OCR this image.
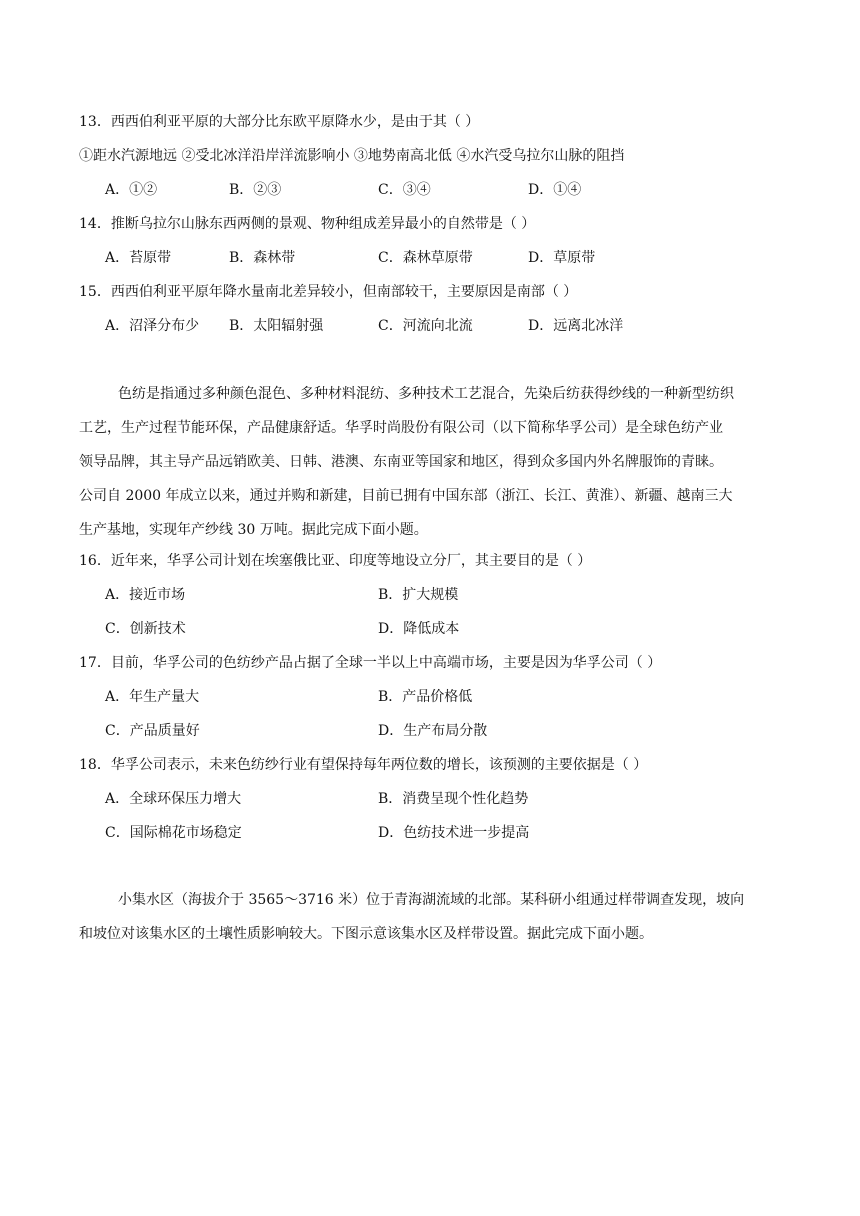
13．西西伯利亚平原的大部分比东欧平原降水少，是由于其（ ）
①距水汽源地远 ②受北冰洋沿岸洋流影响小 ③地势南高北低 ④水汽受乌拉尔山脉的阻挡
A．①②	B．②③	C．③④	D．①④
14．推断乌拉尔山脉东西两侧的景观、物种组成差异最小的自然带是（ ）
A．苔原带	B．森林带	C．森林草原带	D．草原带
15．西西伯利亚平原年降水量南北差异较小，但南部较干，主要原因是南部（ ）
A．沼泽分布少 B．太阳辐射强	C．河流向北流	D．远离北冰洋
色纺是指通过多种颜色混色、多种材料混纺、多种技术工艺混合，先染后纺获得纱线的一种新型纺织
工艺，生产过程节能环保，产品健康舒适。华孚时尚股份有限公司（以下简称华孚公司）是全球色纺产业
领导品牌，其主导产品远销欧美、日韩、港澳、东南亚等国家和地区，得到众多国内外名牌服饰的青睐。
公司自 2000 年成立以来，通过并购和新建，目前已拥有中国东部（浙江、长江、黄淮）、新疆、越南三大
生产基地，实现年产纱线 30 万吨。据此完成下面小题。
16．近年来，华孚公司计划在埃塞俄比亚、印度等地设立分厂，其主要目的是（ ）
A．接近市场	B．扩大规模
C．创新技术	D．降低成本
17．目前，华孚公司的色纺纱产品占据了全球一半以上中高端市场，主要是因为华孚公司（ ）
A．年生产量大	B．产品价格低
C．产品质量好	D．生产布局分散
18．华孚公司表示，未来色纺纱行业有望保持每年两位数的增长，该预测的主要依据是（ ）
A．全球环保压力增大	B．消费呈现个性化趋势
C．国际棉花市场稳定	D．色纺技术进一步提高
小集水区（海拔介于 3565～3716 米）位于青海湖流域的北部。某科研小组通过样带调查发现，坡向
和坡位对该集水区的土壤性质影响较大。下图示意该集水区及样带设置。据此完成下面小题。
